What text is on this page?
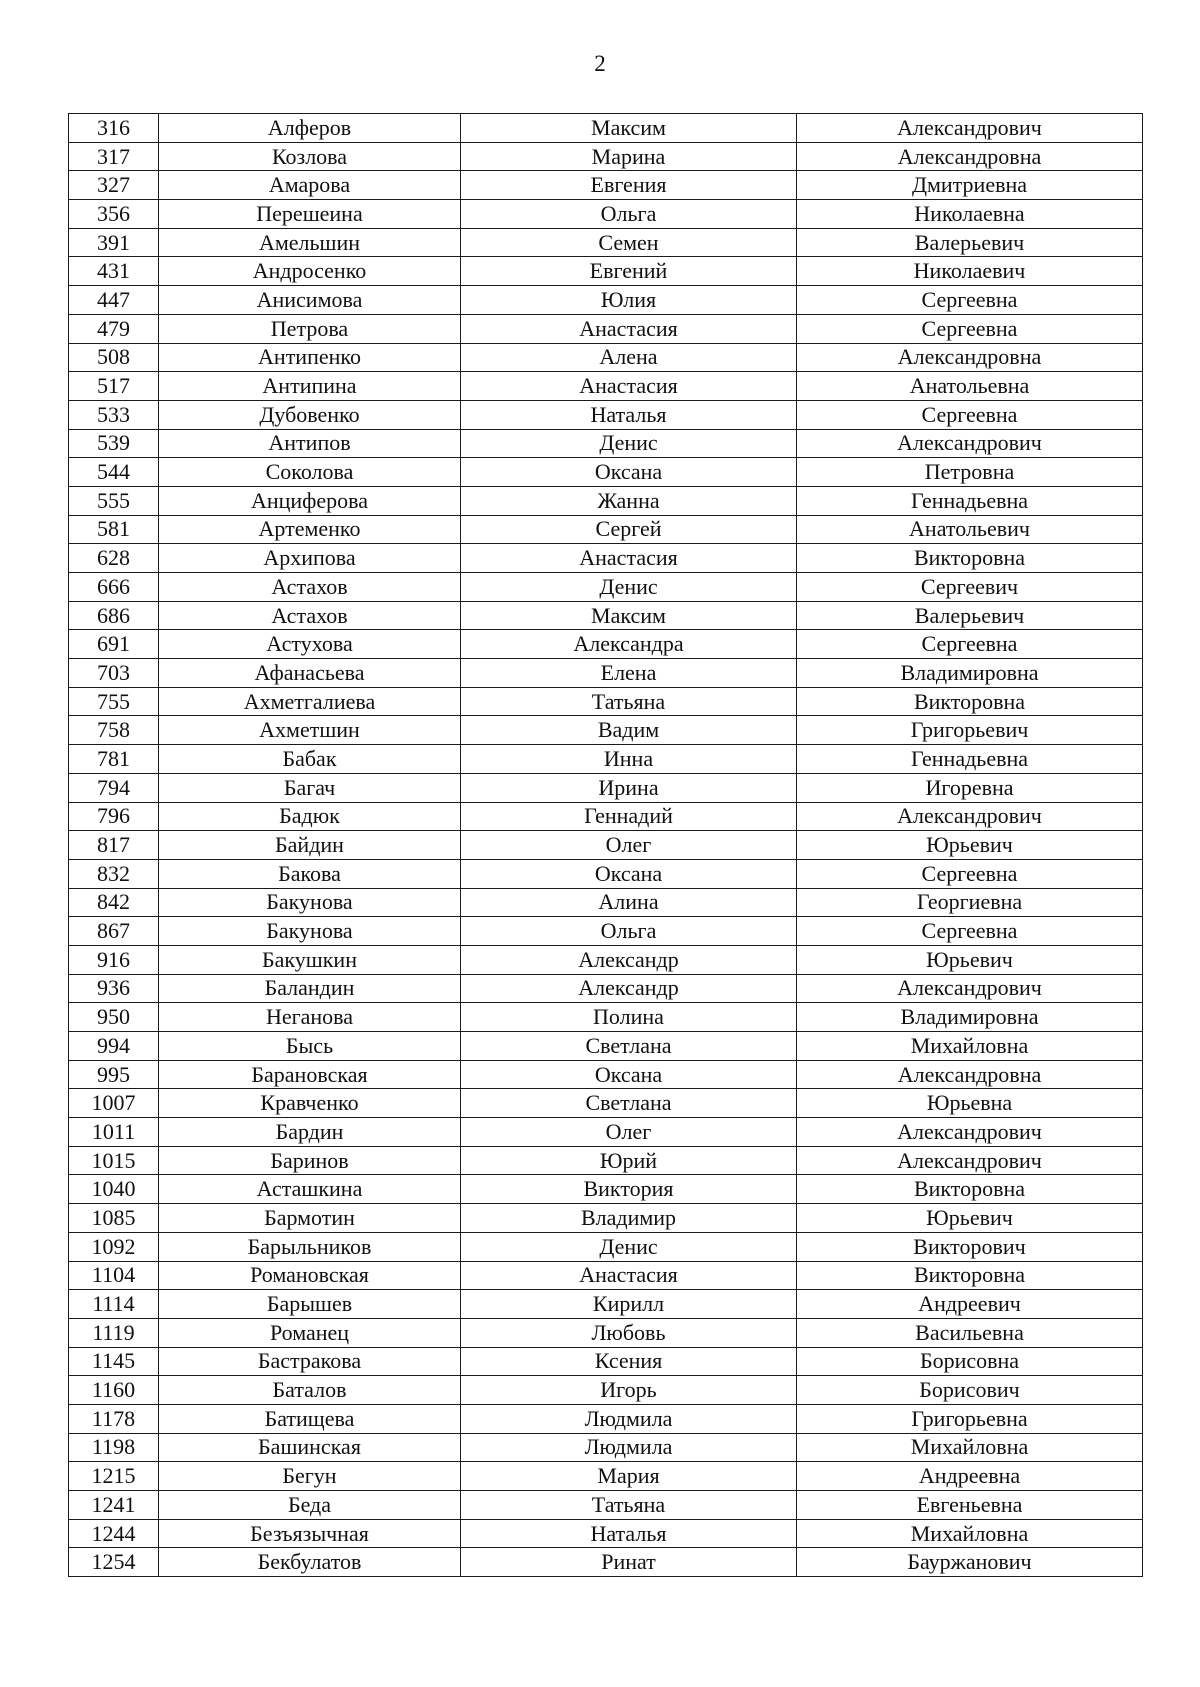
2
316	Алферов	Максим	Александрович
317	Козлова	Марина	Александровна
327	Амарова	Евгения	Дмитриевна
356	Перешеина	Ольга	Николаевна
391	Амельшин	Семен	Валерьевич
431	Андросенко	Евгений	Николаевич
447	Анисимова	Юлия	Сергеевна
479	Петрова	Анастасия	Сергеевна
508	Антипенко	Алена	Александровна
517	Антипина	Анастасия	Анатольевна
533	Дубовенко	Наталья	Сергеевна
539	Антипов	Денис	Александрович
544	Соколова	Оксана	Петровна
555	Анциферова	Жанна	Геннадьевна
581	Артеменко	Сергей	Анатольевич
628	Архипова	Анастасия	Викторовна
666	Астахов	Денис	Сергеевич
686	Астахов	Максим	Валерьевич
691	Астухова	Александра	Сергеевна
703	Афанасьева	Елена	Владимировна
755	Ахметгалиева	Татьяна	Викторовна
758	Ахметшин	Вадим	Григорьевич
781	Бабак	Инна	Геннадьевна
794	Багач	Ирина	Игоревна
796	Бадюк	Геннадий	Александрович
817	Байдин	Олег	Юрьевич
832	Бакова	Оксана	Сергеевна
842	Бакунова	Алина	Георгиевна
867	Бакунова	Ольга	Сергеевна
916	Бакушкин	Александр	Юрьевич
936	Баландин	Александр	Александрович
950	Неганова	Полина	Владимировна
994	Бысь	Светлана	Михайловна
995	Барановская	Оксана	Александровна
1007	Кравченко	Светлана	Юрьевна
1011	Бардин	Олег	Александрович
1015	Баринов	Юрий	Александрович
1040	Асташкина	Виктория	Викторовна
1085	Бармотин	Владимир	Юрьевич
1092	Барыльников	Денис	Викторович
1104	Романовская	Анастасия	Викторовна
1114	Барышев	Кирилл	Андреевич
1119	Романец	Любовь	Васильевна
1145	Бастракова	Ксения	Борисовна
1160	Баталов	Игорь	Борисович
1178	Батищева	Людмила	Григорьевна
1198	Башинская	Людмила	Михайловна
1215	Бегун	Мария	Андреевна
1241	Беда	Татьяна	Евгеньевна
1244	Безъязычная	Наталья	Михайловна
1254	Бекбулатов	Ринат	Бауржанович
